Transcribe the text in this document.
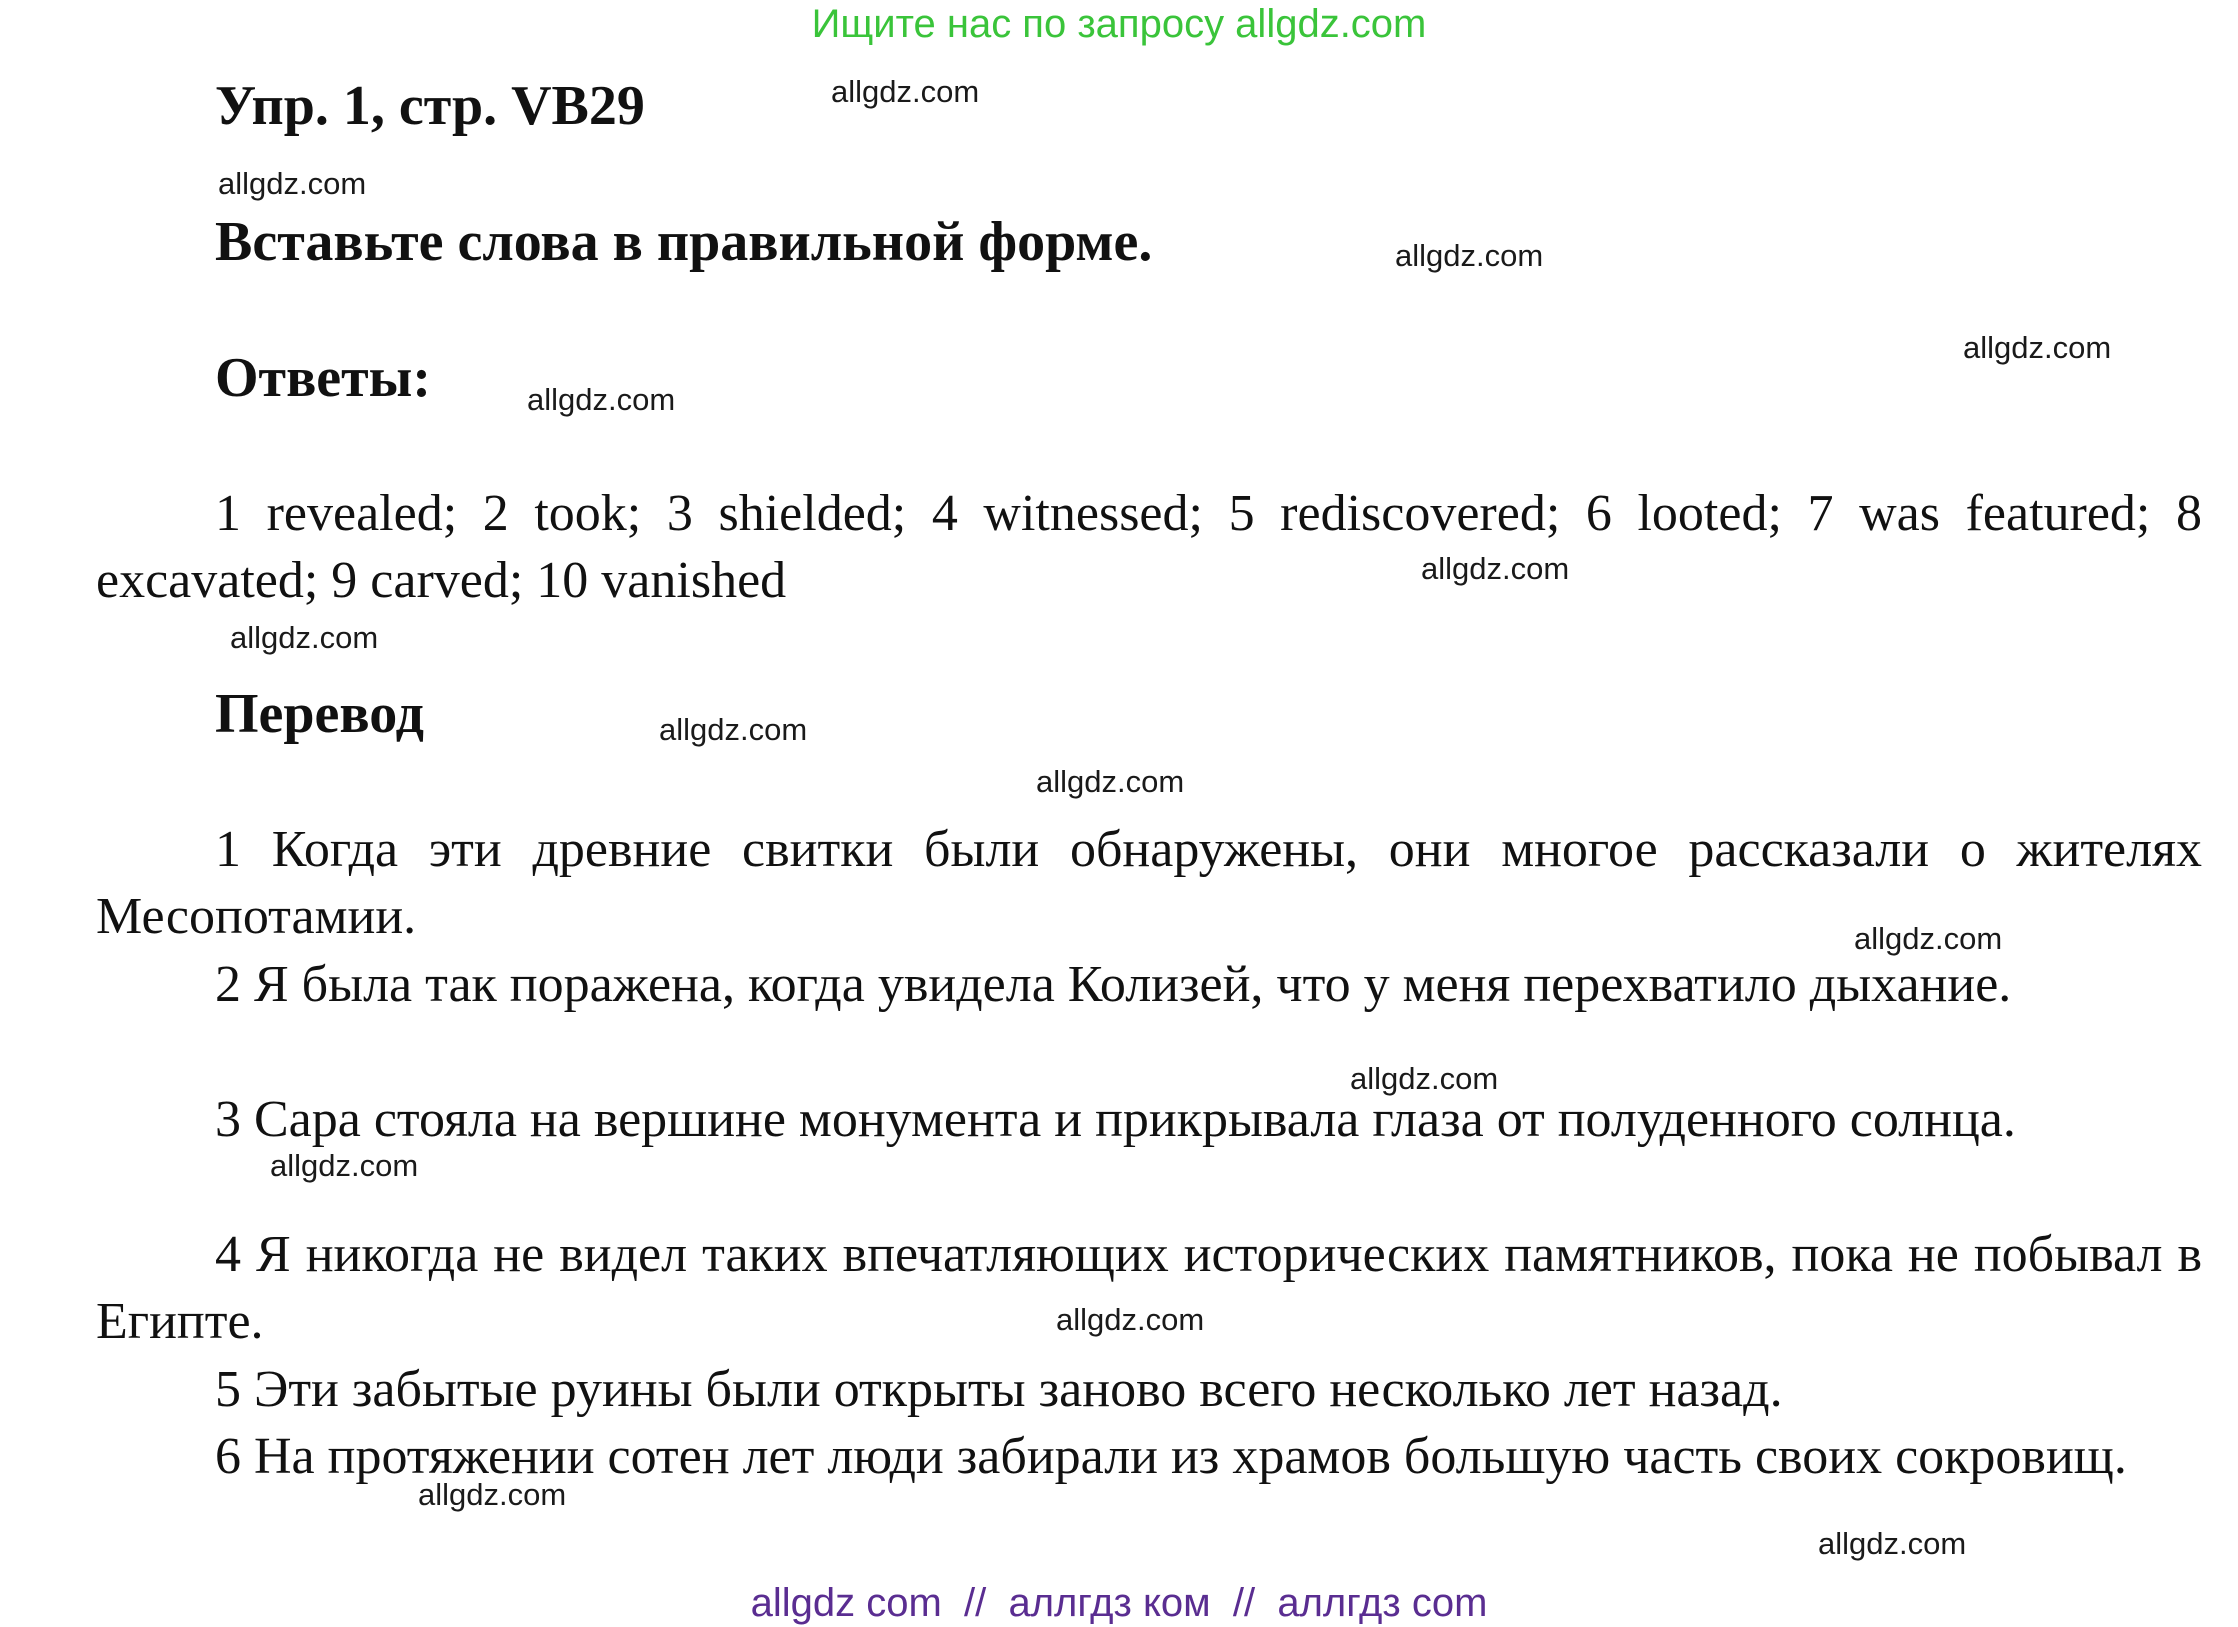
Ищите нас по запросу allgdz.com
Упр. 1, стр. VB29
Вставьте слова в правильной форме.
Ответы:

1 revealed; 2 took; 3 shielded; 4 witnessed; 5 rediscovered; 6 looted; 7 was featured; 8 excavated; 9 carved; 10 vanished

Перевод

1 Когда эти древние свитки были обнаружены, они многое рассказали о жителях Месопотамии.

2 Я была так поражена, когда увидела Колизей, что у меня перехватило дыхание.

3 Сара стояла на вершине монумента и прикрывала глаза от полуденного солнца.

4 Я никогда не видел таких впечатляющих исторических памятников, пока не побывал в Египте.

5 Эти забытые руины были открыты заново всего несколько лет назад.

6 На протяжении сотен лет люди забирали из храмов большую часть своих сокровищ.

allgdz.com
allgdz.com
allgdz.com
allgdz.com
allgdz.com
allgdz.com
allgdz.com
allgdz.com
allgdz.com
allgdz.com
allgdz.com
allgdz.com
allgdz.com
allgdz.com
allgdz.com
allgdz com  //  аллгдз ком  //  аллгдз com
